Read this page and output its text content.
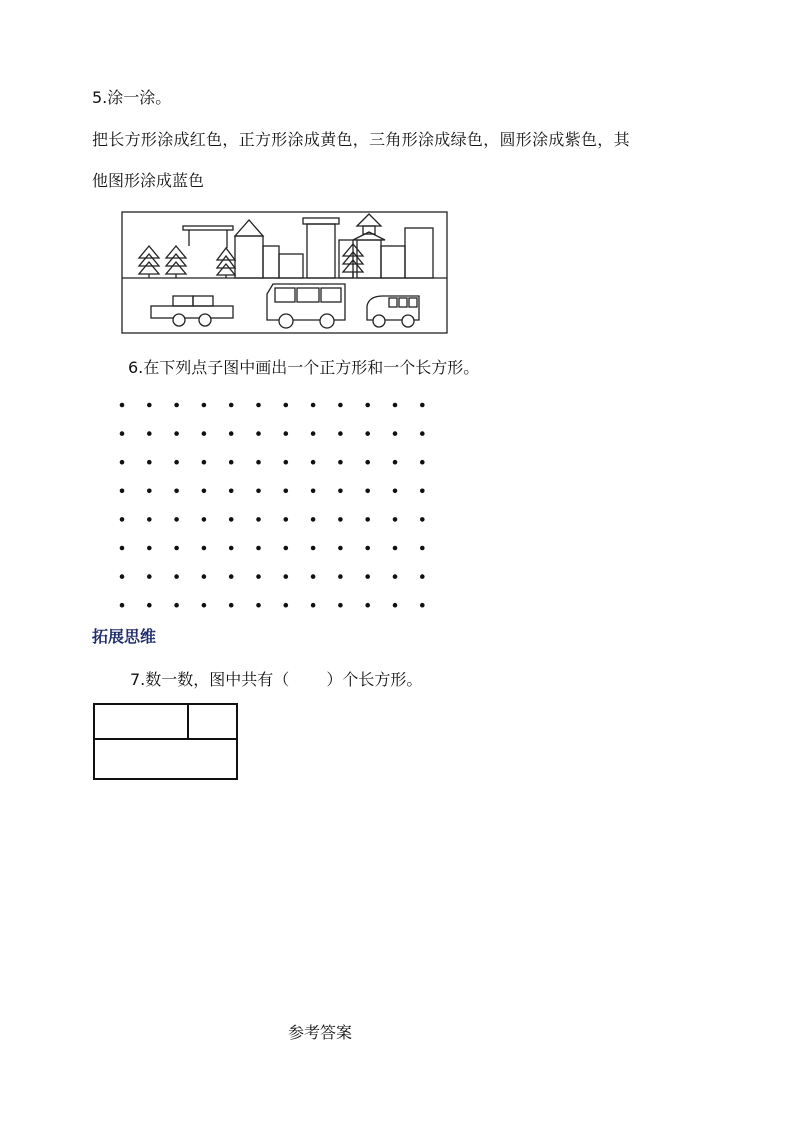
5.涂一涂。
把长方形涂成红色，正方形涂成黄色，三角形涂成绿色，圆形涂成紫色，其
他图形涂成蓝色
6.在下列点子图中画出一个正方形和一个长方形。
拓展思维
7.数一数，图中共有（　　 ）个长方形。
参考答案
